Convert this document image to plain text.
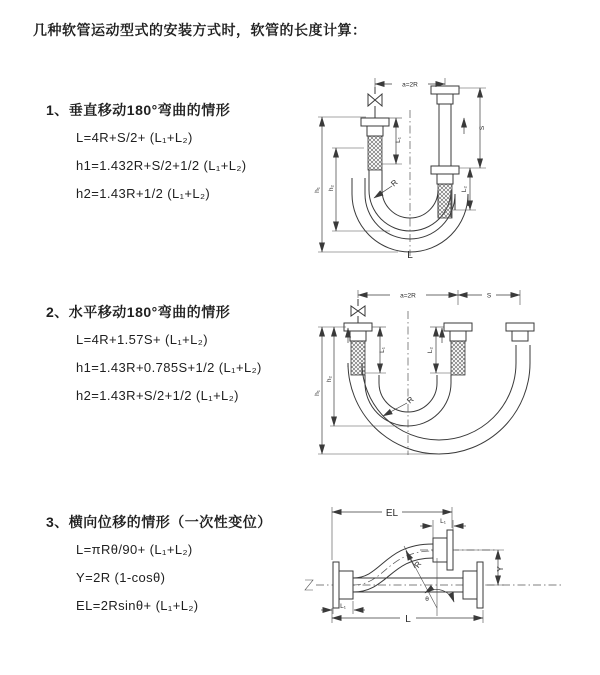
几种软管运动型式的安装方式时，软管的长度计算：
1、垂直移动180°弯曲的情形
L=4R+S/2+ (L₁+L₂)
h1=1.432R+S/2+1/2 (L₁+L₂)
h2=1.43R+1/2 (L₁+L₂)
2、水平移动180°弯曲的情形
L=4R+1.57S+ (L₁+L₂)
h1=1.43R+0.785S+1/2 (L₁+L₂)
h2=1.43R+S/2+1/2 (L₁+L₂)
3、横向位移的情形（一次性变位）
L=πRθ/90+ (L₁+L₂)
Y=2R (1-cosθ)
EL=2Rsinθ+ (L₁+L₂)
a=2R
h₁ h₂
L₁
S
L₂
R
L
a=2R	S
h₁
h₂
L₁	L₂
R
R
θ
EL
L₁
Y
L
L₁
